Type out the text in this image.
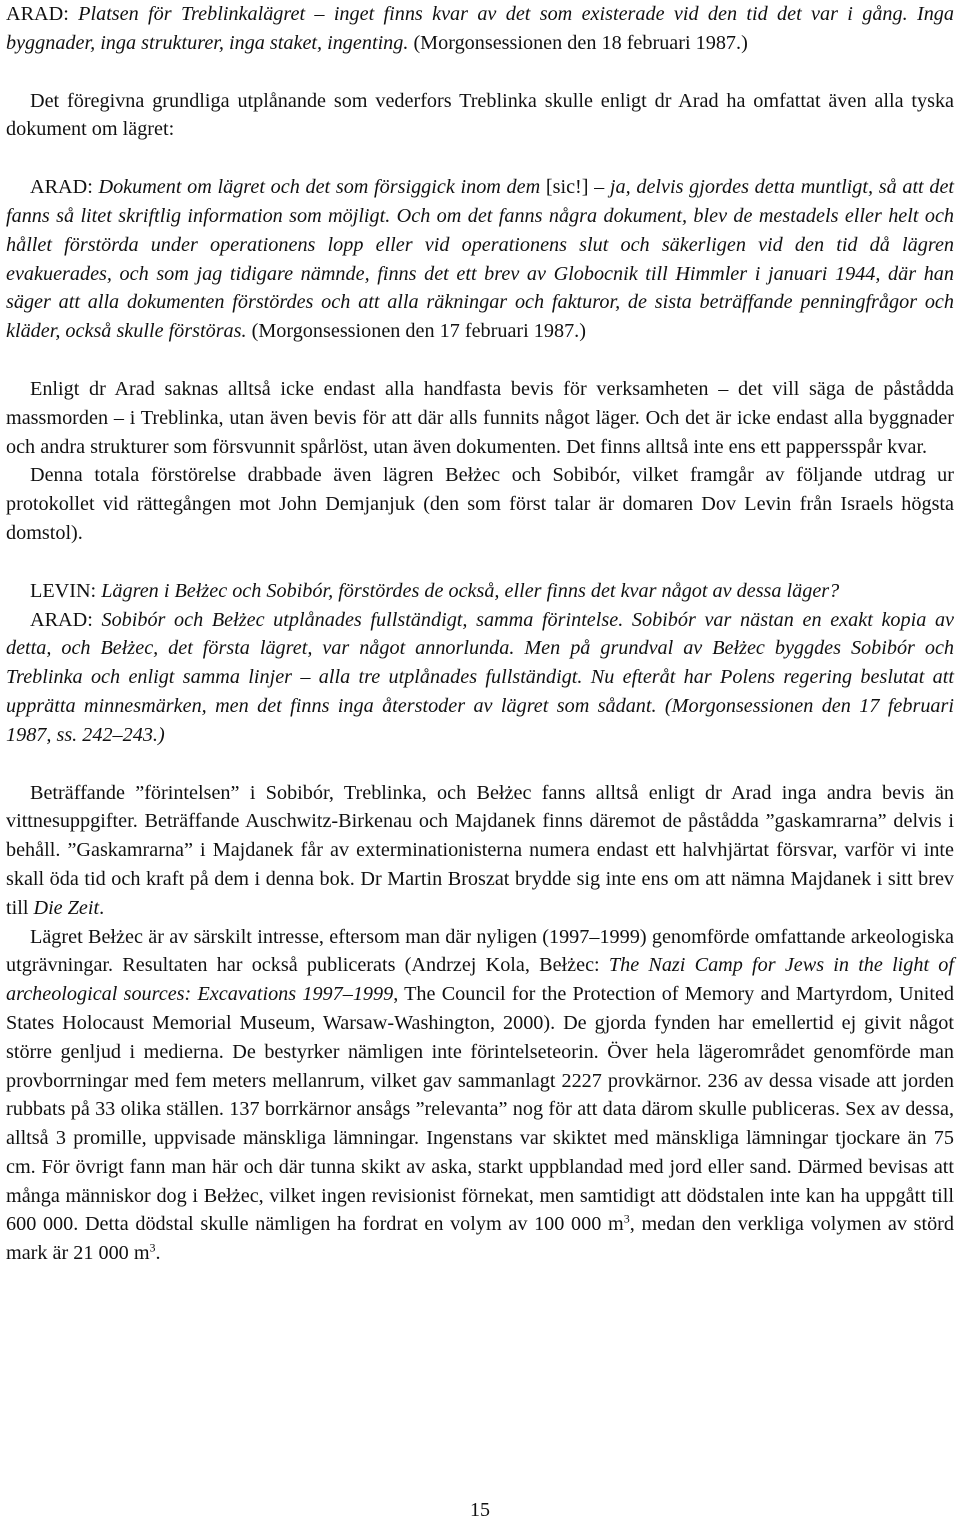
ARAD: Platsen för Treblinkalägret – inget finns kvar av det som existerade vid den tid det var i gång. Inga byggnader, inga strukturer, inga staket, ingenting. (Morgonsessionen den 18 februari 1987.)

Det föregivna grundliga utplånande som vederfors Treblinka skulle enligt dr Arad ha omfattat även alla tyska dokument om lägret:

ARAD: Dokument om lägret och det som försiggick inom dem [sic!] – ja, delvis gjordes detta muntligt, så att det fanns så litet skriftlig information som möjligt. Och om det fanns några dokument, blev de mestadels eller helt och hållet förstörda under operationens lopp eller vid operationens slut och säkerligen vid den tid då lägren evakuerades, och som jag tidigare nämnde, finns det ett brev av Globocnik till Himmler i januari 1944, där han säger att alla dokumenten förstördes och att alla räkningar och fakturor, de sista beträffande penningfrågor och kläder, också skulle förstöras. (Morgonsessionen den 17 februari 1987.)

Enligt dr Arad saknas alltså icke endast alla handfasta bevis för verksamheten – det vill säga de påstådda massmorden – i Treblinka, utan även bevis för att där alls funnits något läger. Och det är icke endast alla byggnader och andra strukturer som försvunnit spårlöst, utan även dokumenten. Det finns alltså inte ens ett pappersspår kvar.

Denna totala förstörelse drabbade även lägren Bełżec och Sobibór, vilket framgår av följande utdrag ur protokollet vid rättegången mot John Demjanjuk (den som först talar är domaren Dov Levin från Israels högsta domstol).

LEVIN: Lägren i Bełżec och Sobibór, förstördes de också, eller finns det kvar något av dessa läger?

ARAD: Sobibór och Bełżec utplånades fullständigt, samma förintelse. Sobibór var nästan en exakt kopia av detta, och Bełżec, det första lägret, var något annorlunda. Men på grundval av Bełżec byggdes Sobibór och Treblinka och enligt samma linjer – alla tre utplånades fullständigt. Nu efteråt har Polens regering beslutat att upprätta minnesmärken, men det finns inga återstoder av lägret som sådant. (Morgonsessionen den 17 februari 1987, ss. 242–243.)

Beträffande ”förintelsen” i Sobibór, Treblinka, och Bełżec fanns alltså enligt dr Arad inga andra bevis än vittnesuppgifter. Beträffande Auschwitz-Birkenau och Majdanek finns däremot de påstådda ”gaskamrarna” delvis i behåll. ”Gaskamrarna” i Majdanek får av exterminationisterna numera endast ett halvhjärtat försvar, varför vi inte skall öda tid och kraft på dem i denna bok. Dr Martin Broszat brydde sig inte ens om att nämna Majdanek i sitt brev till Die Zeit.

Lägret Bełżec är av särskilt intresse, eftersom man där nyligen (1997–1999) genomförde omfattande arkeologiska utgrävningar. Resultaten har också publicerats (Andrzej Kola, Bełżec: The Nazi Camp for Jews in the light of archeological sources: Excavations 1997–1999, The Council for the Protection of Memory and Martyrdom, United States Holocaust Memorial Museum, Warsaw-Washington, 2000). De gjorda fynden har emellertid ej givit något större genljud i medierna. De bestyrker nämligen inte förintelseteorin. Över hela lägerområdet genomförde man provborrningar med fem meters mellanrum, vilket gav sammanlagt 2227 provkärnor. 236 av dessa visade att jorden rubbats på 33 olika ställen. 137 borrkärnor ansågs ”relevanta” nog för att data därom skulle publiceras. Sex av dessa, alltså 3 promille, uppvisade mänskliga lämningar. Ingenstans var skiktet med mänskliga lämningar tjockare än 75 cm. För övrigt fann man här och där tunna skikt av aska, starkt uppblandad med jord eller sand. Därmed bevisas att många människor dog i Bełżec, vilket ingen revisionist förnekat, men samtidigt att dödstalen inte kan ha uppgått till 600 000. Detta dödstal skulle nämligen ha fordrat en volym av 100 000 $m^3$, medan den verkliga volymen av störd mark är 21 000 $m^3$.

15
